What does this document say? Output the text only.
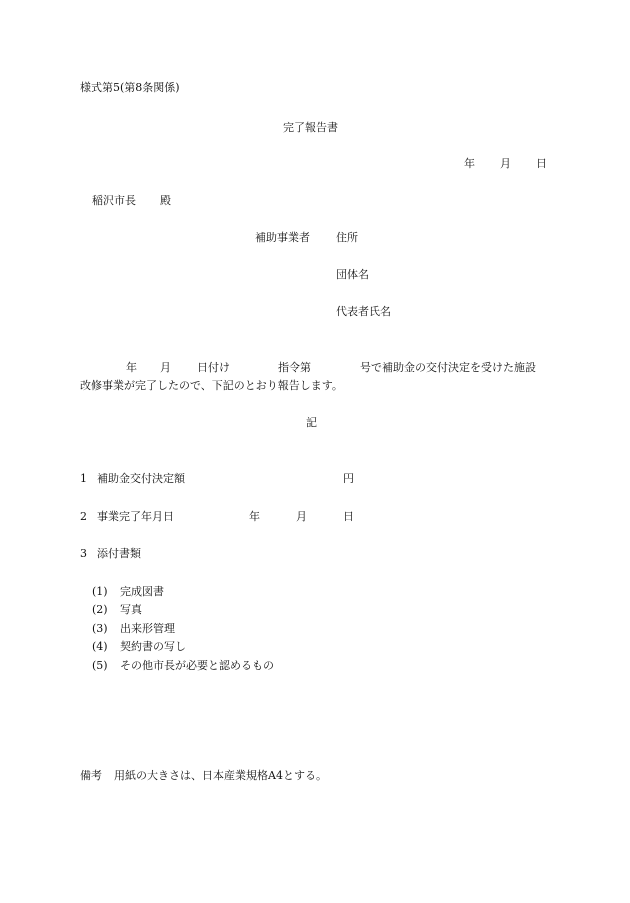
様式第5(第8条関係)
完了報告書
年 月 日
稲沢市長 殿
補助事業者 住所
団体名
代表者氏名
年 月 日付け	指令第	号で補助金の交付決定を受けた施設
改修事業が完了したので、下記のとおり報告します。
記
1 補助金交付決定額	円
2 事業完了年月日	年	月	日
3 添付書類
(1) 完成図書
(2) 写真
(3) 出来形管理
(4) 契約書の写し
(5) その他市長が必要と認めるもの
備考 用紙の大きさは、日本産業規格A4とする。
